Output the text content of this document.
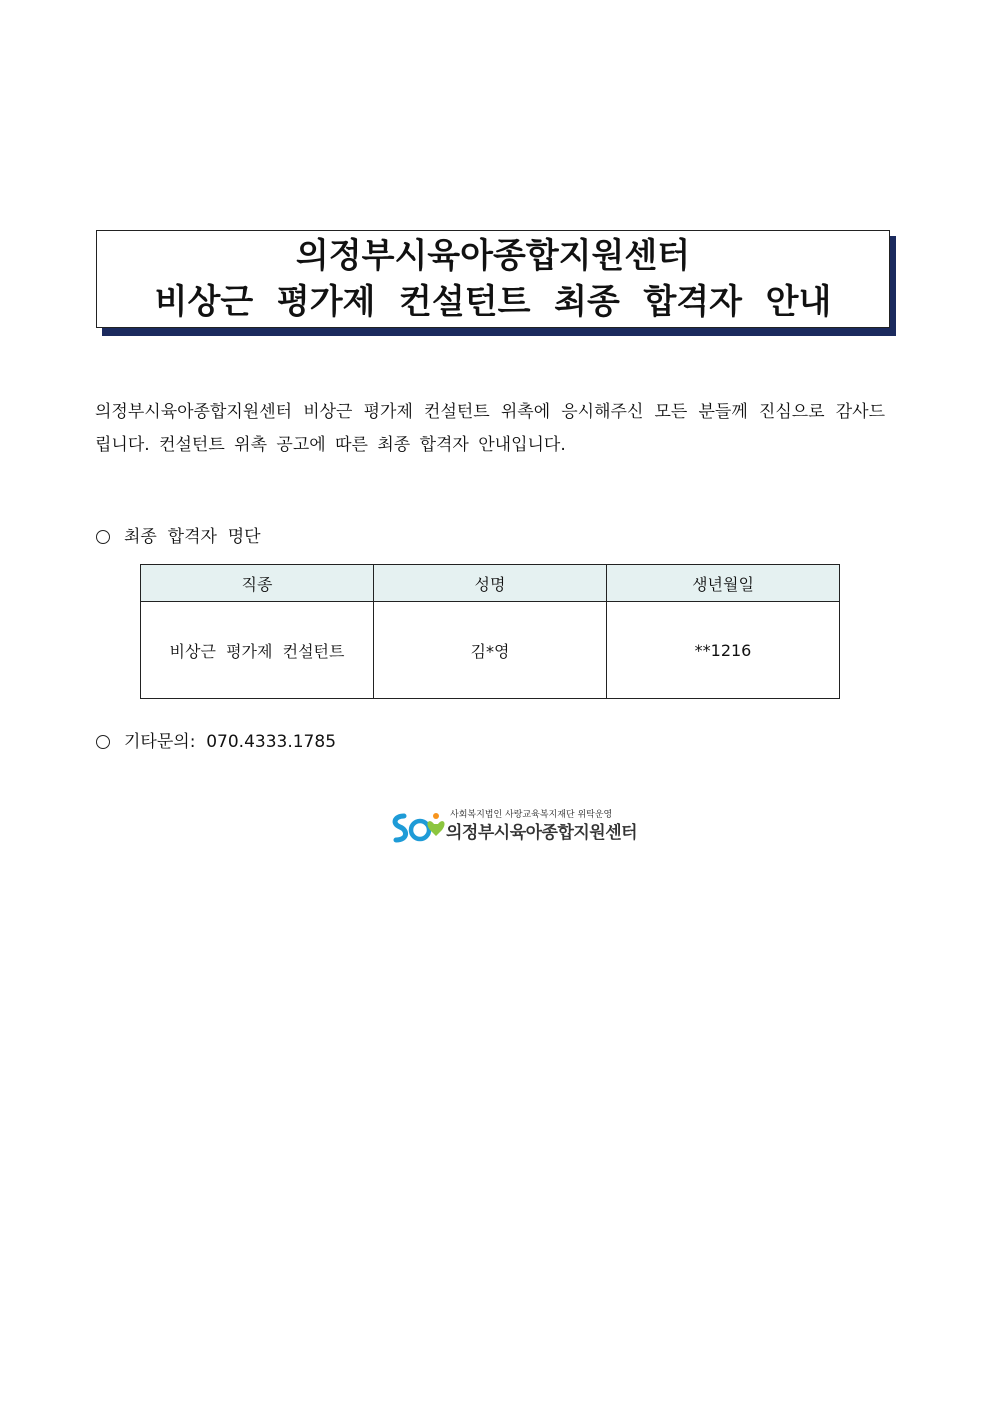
의정부시육아종합지원센터
비상근  평가제  컨설턴트  최종  합격자  안내
의정부시육아종합지원센터 비상근 평가제 컨설턴트 위촉에 응시해주신 모든 분들께 진심으로 감사드립니다. 컨설턴트 위촉 공고에 따른 최종 합격자 안내입니다.
최종  합격자  명단
직종	성명	생년월일
비상근  평가제  컨설턴트	김*영	**1216
기타문의:  070.4333.1785
사회복지법인 사랑교육복지재단 위탁운영
의정부시육아종합지원센터
